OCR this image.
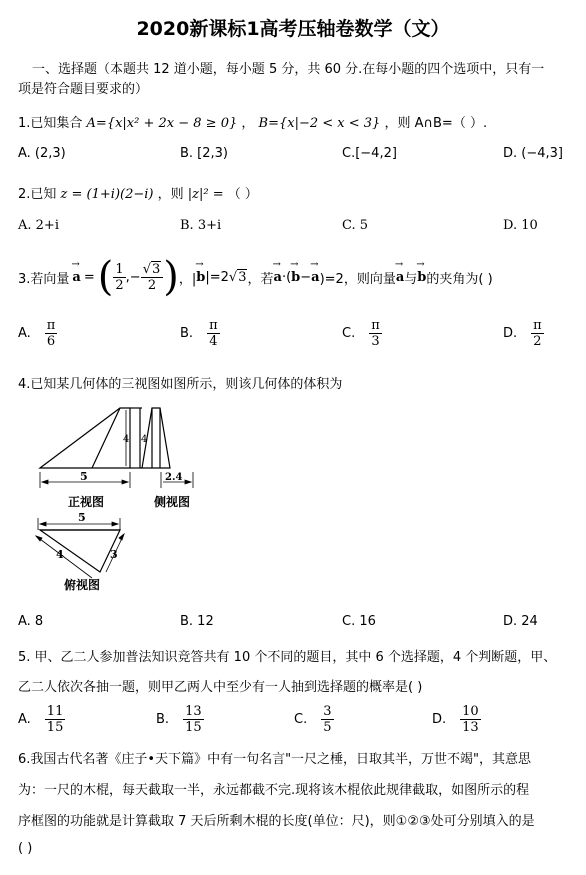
2020新课标1高考压轴卷数学（文）
一、选择题（本题共 12 道小题，每小题 5 分，共 60 分.在每小题的四个选项中，只有一
项是符合题目要求的）
1.已知集合 A={x|x² + 2x − 8 ≥ 0} ， B={x|−2 < x < 3} ，则 A∩B=（ ）.
A. (2,3)	B. [2,3)	C.[−4,2]	D. (−4,3]
2.已知 z = (1+i)(2−i) ，则 |z|² = （ ）
A. 2+i	B. 3+i	C. 5	D. 10
3.若向量 → a = ( $\frac{1}{2}$ , − $\frac{√3}{2}$ ) ，| → b |=2 √3 ，若 → a ·( → b − → a )=2，则向量 → a 与 → b 的夹角为( )
A. $\frac{\pi}{6}$	B. $\frac{\pi}{4}$	C. $\frac{\pi}{3}$	D. $\frac{\pi}{2}$
4.已知某几何体的三视图如图所示，则该几何体的体积为
4 4
5	2.4
正视图	侧视图
5
4	3
俯视图
A. 8	B. 12	C. 16	D. 24
5. 甲、乙二人参加普法知识竞答共有 10 个不同的题目，其中 6 个选择题，4 个判断题，甲、
乙二人依次各抽一题，则甲乙两人中至少有一人抽到选择题的概率是( )
A. $\frac{11}{15}$	B. $\frac{13}{15}$	C. $\frac{3}{5}$	D. $\frac{10}{13}$
6.我国古代名著《庄子•天下篇》中有一句名言"一尺之棰，日取其半，万世不竭"，其意思
为：一尺的木棍，每天截取一半，永远都截不完.现将该木棍依此规律截取，如图所示的程
序框图的功能就是计算截取 7 天后所剩木棍的长度(单位：尺)，则①②③处可分别填入的是
( )
